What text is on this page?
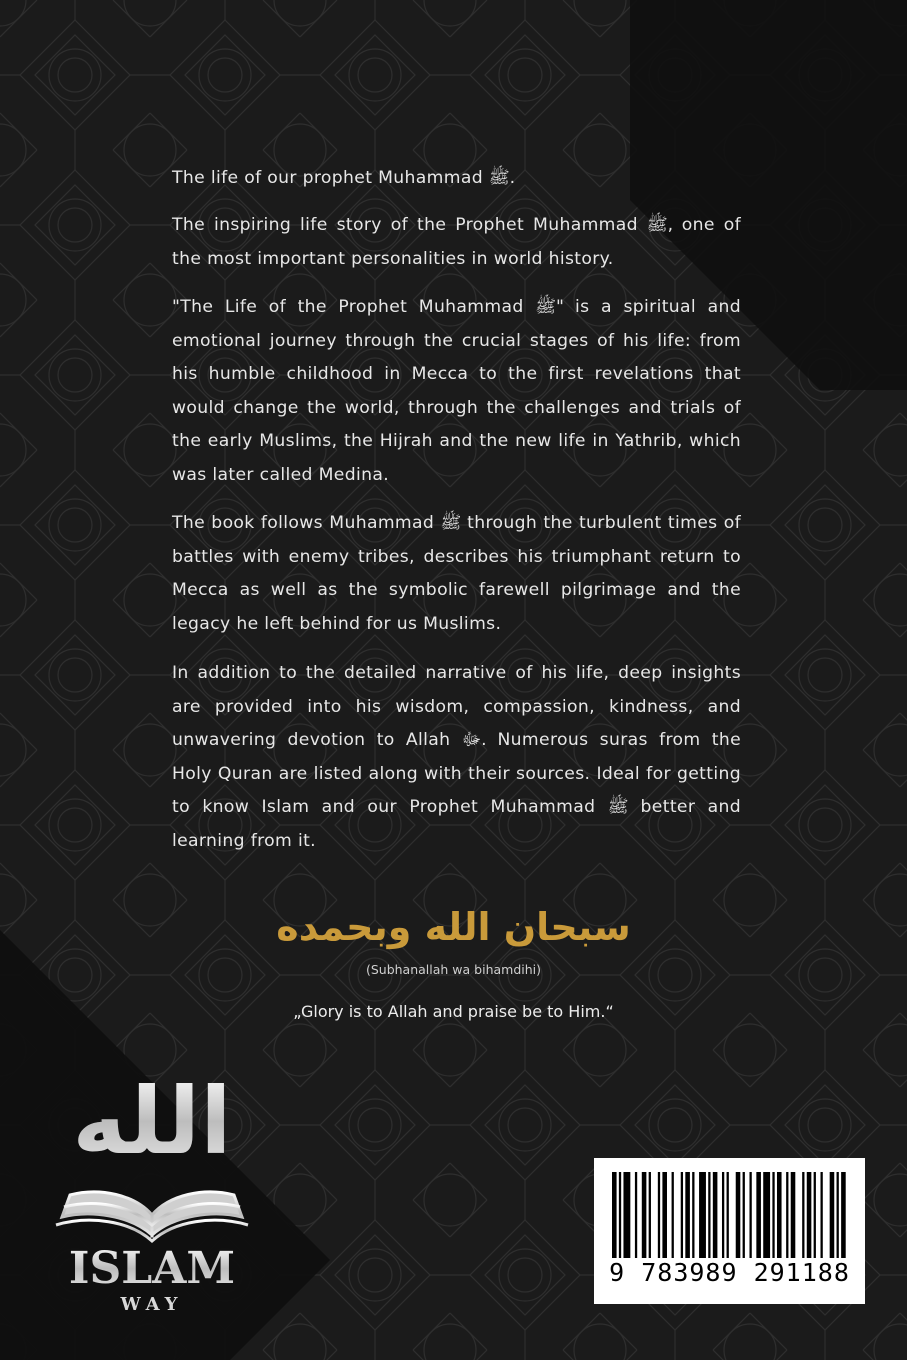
The life of our prophet Muhammad ﷺ.

The inspiring life story of the Prophet Muhammad ﷺ, one of the most important personalities in world history.

"The Life of the Prophet Muhammad ﷺ" is a spiritual and emotional journey through the crucial stages of his life: from his humble childhood in Mecca to the first revelations that would change the world, through the challenges and trials of the early Muslims, the Hijrah and the new life in Yathrib, which was later called Medina.

The book follows Muhammad ﷺ through the turbulent times of battles with enemy tribes, describes his triumphant return to Mecca as well as the symbolic farewell pilgrimage and the legacy he left behind for us Muslims.

In addition to the detailed narrative of his life, deep insights are provided into his wisdom, compassion, kindness, and unwavering devotion to Allah ﷻ. Numerous suras from the Holy Quran are listed along with their sources. Ideal for getting to know Islam and our Prophet Muhammad ﷺ better and learning from it.

سبحان الله وبحمده
(Subhanallah wa bihamdihi)
„Glory is to Allah and praise be to Him.“
الله
ISLAM
WAY
9 783989 291188
